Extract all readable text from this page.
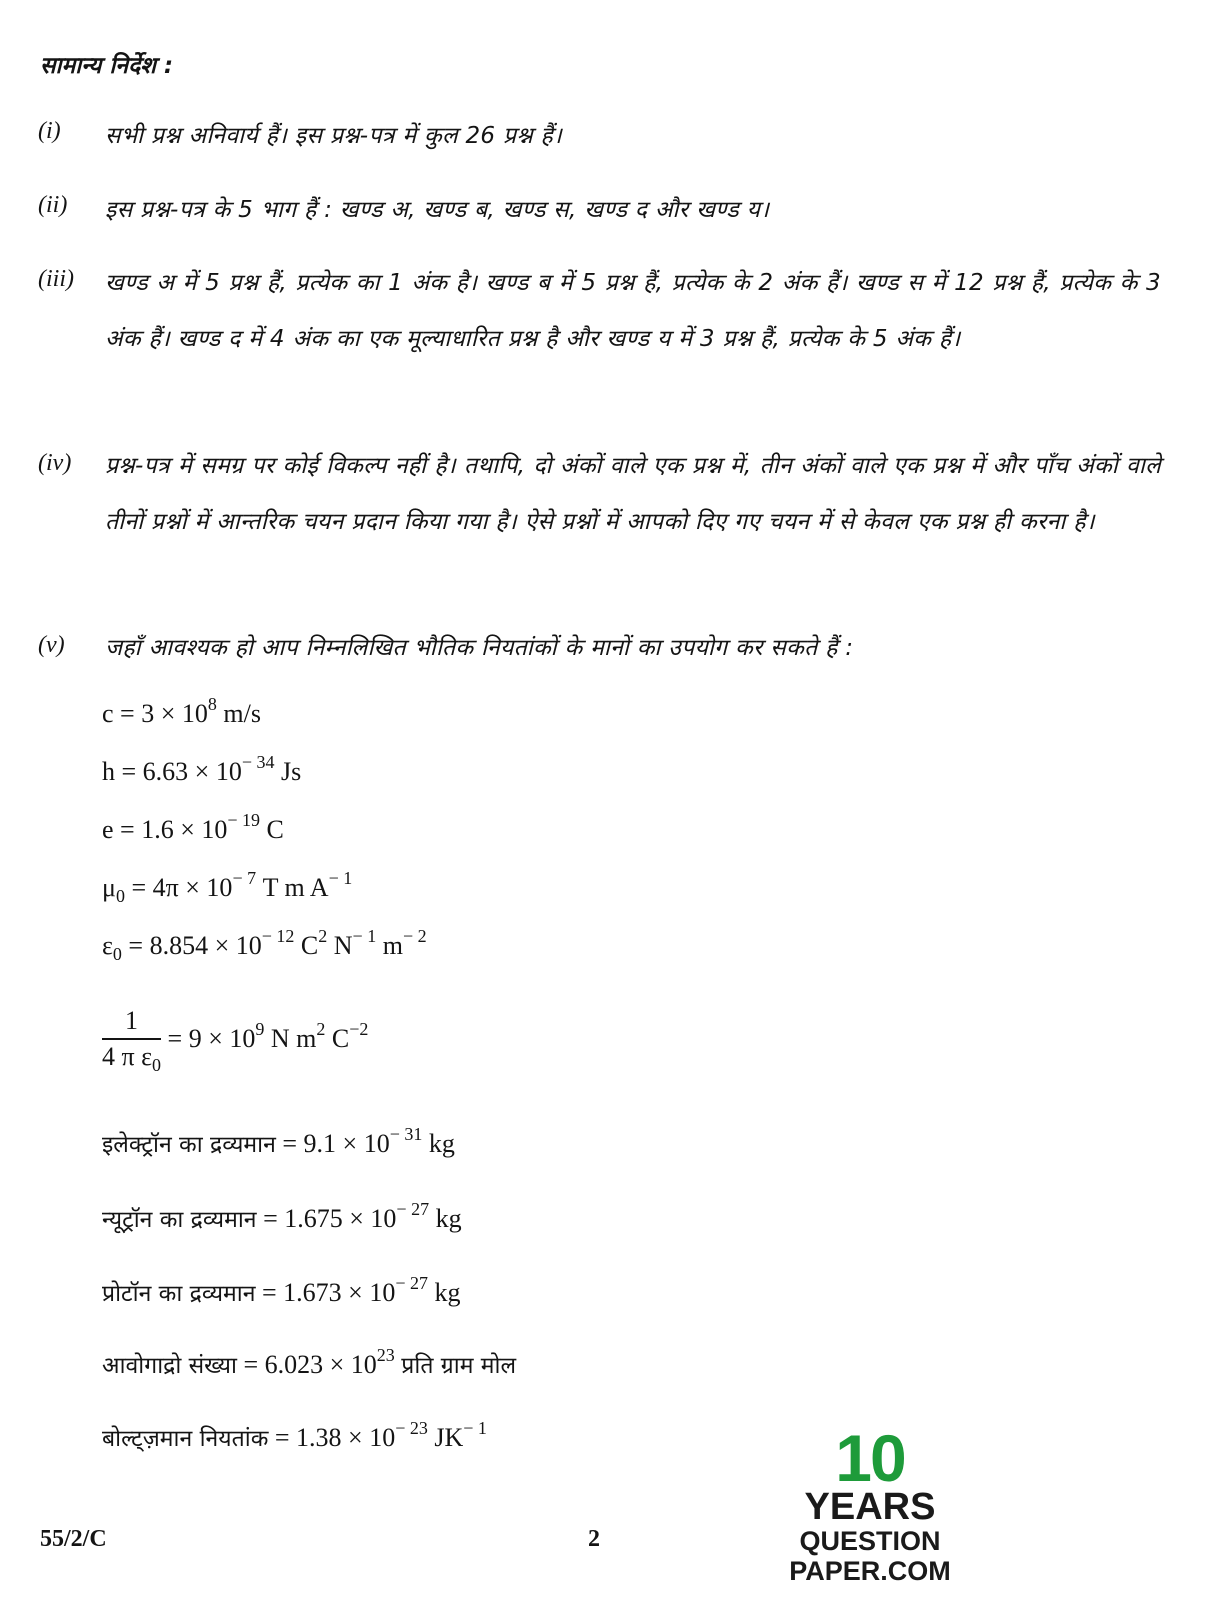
सामान्य निर्देश :
(i)	सभी प्रश्न अनिवार्य हैं। इस प्रश्न-पत्र में कुल 26 प्रश्न हैं।
(ii)	इस प्रश्न-पत्र के 5 भाग हैं : खण्ड अ, खण्ड ब, खण्ड स, खण्ड द और खण्ड य।
(iii)	खण्ड अ में 5 प्रश्न हैं, प्रत्येक का 1 अंक है। खण्ड ब में 5 प्रश्न हैं, प्रत्येक के 2 अंक हैं। खण्ड स में 12 प्रश्न हैं, प्रत्येक के 3 अंक हैं। खण्ड द में 4 अंक का एक मूल्याधारित प्रश्न है और खण्ड य में 3 प्रश्न हैं, प्रत्येक के 5 अंक हैं।
(iv)	प्रश्न-पत्र में समग्र पर कोई विकल्प नहीं है। तथापि, दो अंकों वाले एक प्रश्न में, तीन अंकों वाले एक प्रश्न में और पाँच अंकों वाले तीनों प्रश्नों में आन्तरिक चयन प्रदान किया गया है। ऐसे प्रश्नों में आपको दिए गए चयन में से केवल एक प्रश्न ही करना है।
(v)	जहाँ आवश्यक हो आप निम्नलिखित भौतिक नियतांकों के मानों का उपयोग कर सकते हैं :
$c = 3 \times 10^8$ m/s
$h = 6.63 \times 10^{- 34}$ Js
$e = 1.6 \times 10^{- 19}$ C
$\mu_0 = 4\pi \times 10^{- 7}$ T m $A^{- 1}$
$\varepsilon_0 = 8.854 \times 10^{- 12}$ $C^2$ $N^{- 1}$ $m^{- 2}$
$\frac{1}{4 \pi \varepsilon_0} = 9 \times 10^9$ N $m^2$ $C^{-2}$
इलेक्ट्रॉन का द्रव्यमान = $9.1 \times 10^{- 31}$ kg
न्यूट्रॉन का द्रव्यमान = $1.675 \times 10^{- 27}$ kg
प्रोटॉन का द्रव्यमान = $1.673 \times 10^{- 27}$ kg
आवोगाद्रो संख्या = $6.023 \times 10^{23}$ प्रति ग्राम मोल
बोल्ट्ज़मान नियतांक = $1.38 \times 10^{- 23}$ $JK^{- 1}$
55/2/C	2
10
YEARS
QUESTION PAPER.COM
